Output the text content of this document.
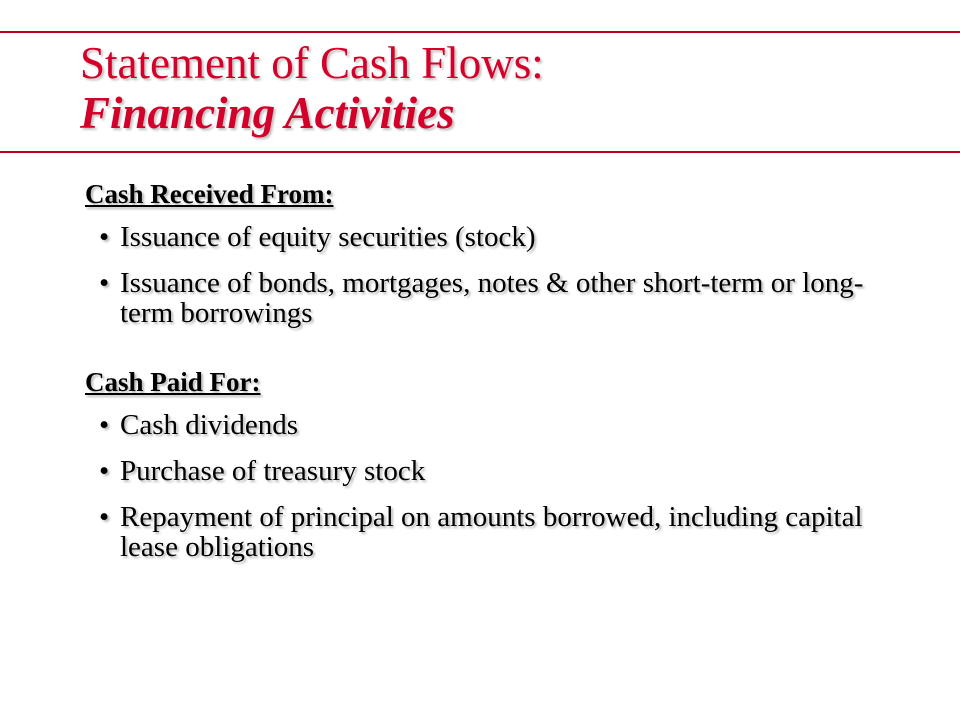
Statement of Cash Flows:
Financing Activities
Cash Received From:
• Issuance of equity securities (stock)
• Issuance of bonds, mortgages, notes & other short-term or long-term borrowings
Cash Paid For:
• Cash dividends
• Purchase of treasury stock
• Repayment of principal on amounts borrowed, including capital lease obligations
